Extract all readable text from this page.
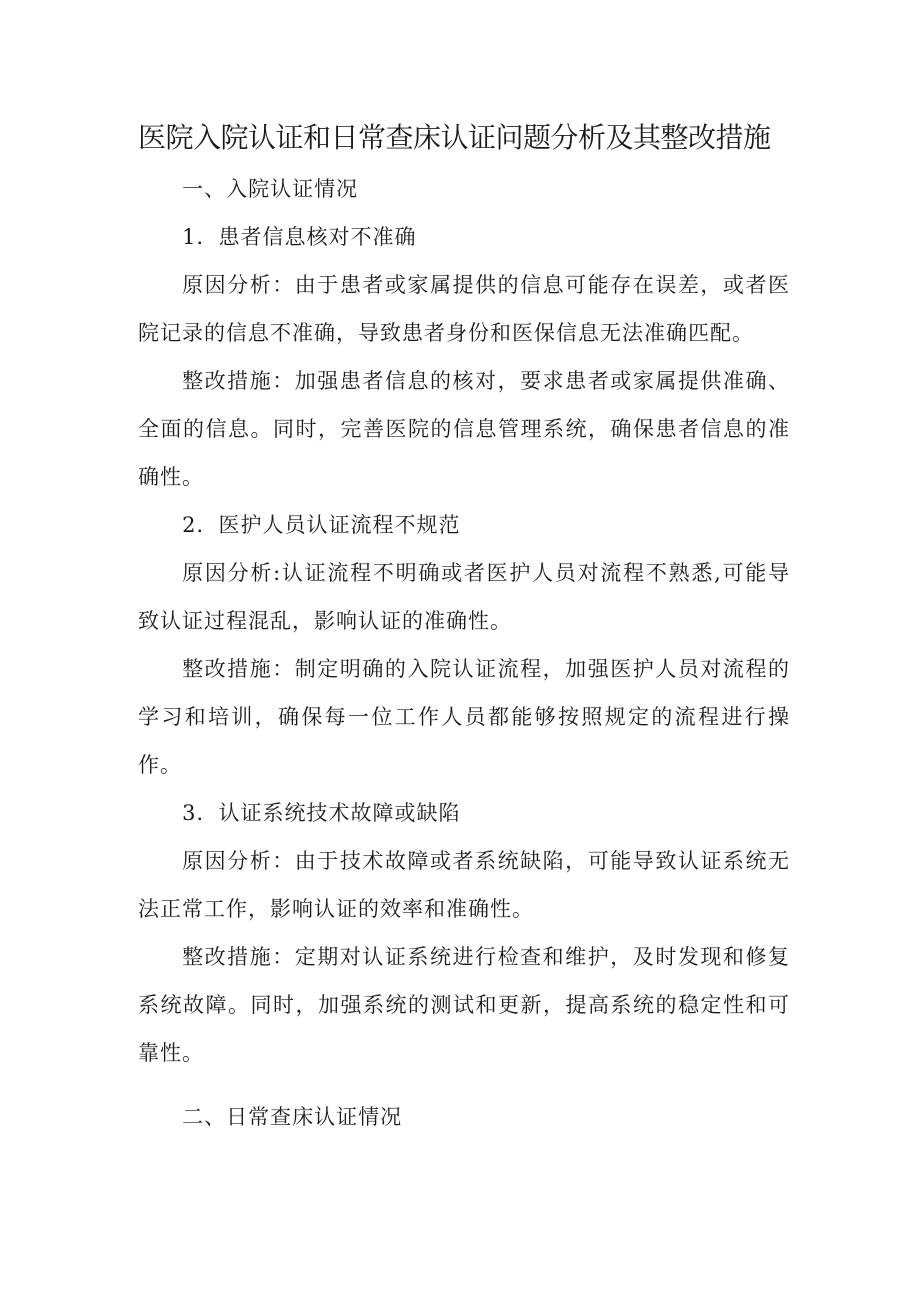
医院入院认证和日常查床认证问题分析及其整改措施

一、入院认证情况

1．患者信息核对不准确

原因分析：由于患者或家属提供的信息可能存在误差，或者医院记录的信息不准确，导致患者身份和医保信息无法准确匹配。

整改措施：加强患者信息的核对，要求患者或家属提供准确、全面的信息。同时，完善医院的信息管理系统，确保患者信息的准确性。

2．医护人员认证流程不规范

原因分析:认证流程不明确或者医护人员对流程不熟悉,可能导致认证过程混乱，影响认证的准确性。

整改措施：制定明确的入院认证流程，加强医护人员对流程的学习和培训，确保每一位工作人员都能够按照规定的流程进行操作。

3．认证系统技术故障或缺陷

原因分析：由于技术故障或者系统缺陷，可能导致认证系统无法正常工作，影响认证的效率和准确性。

整改措施：定期对认证系统进行检查和维护，及时发现和修复系统故障。同时，加强系统的测试和更新，提高系统的稳定性和可靠性。

二、日常查床认证情况
